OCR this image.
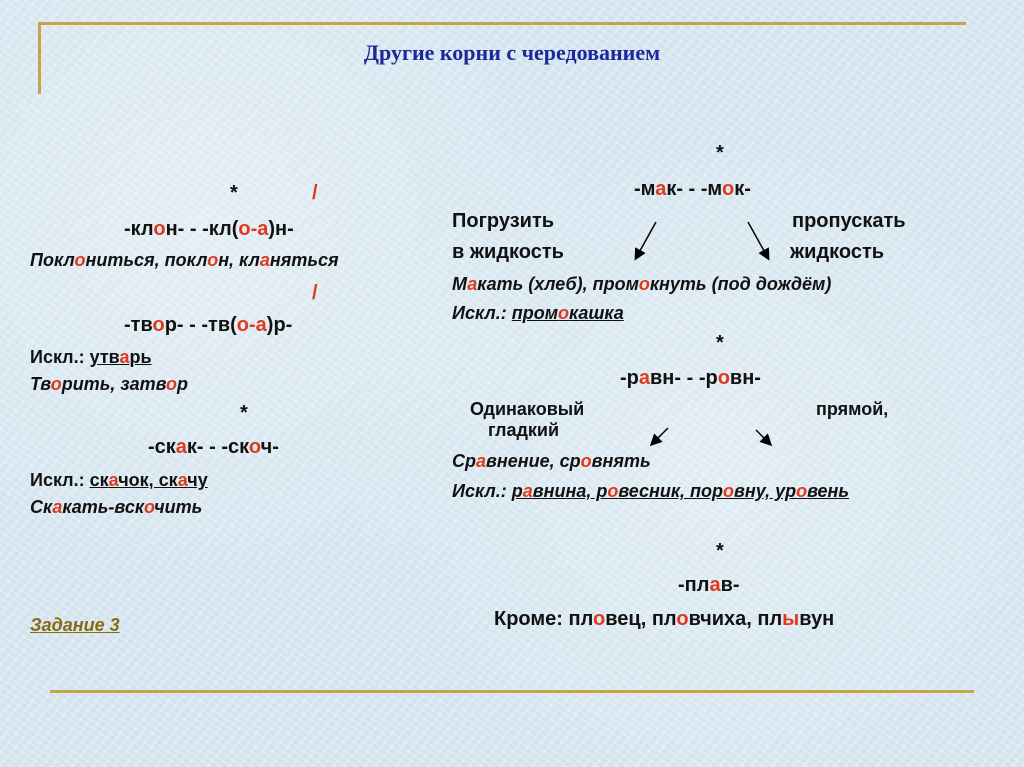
Другие корни с чередованием
*	/
-клон- - -кл(о-а)н-
Поклониться, поклон, кланяться
/
-твор- - -тв(о-а)р-
Искл.: утварь
Творить, затвор
*
-скак- - -скоч-
Искл.: скачок, скачу
Скакать-вскочить
Задание 3
*
-мак- - -мок-
Погрузить
в жидкость
пропускать
жидкость
Макать (хлеб), промокнуть (под дождём)
Искл.: промокашка
*
-равн- - -ровн-
Одинаковый
гладкий
прямой,
Сравнение, сровнять
Искл.: равнина, ровесник, поровну, уровень
*
-плав-
Кроме: пловец, пловчиха, плывун
